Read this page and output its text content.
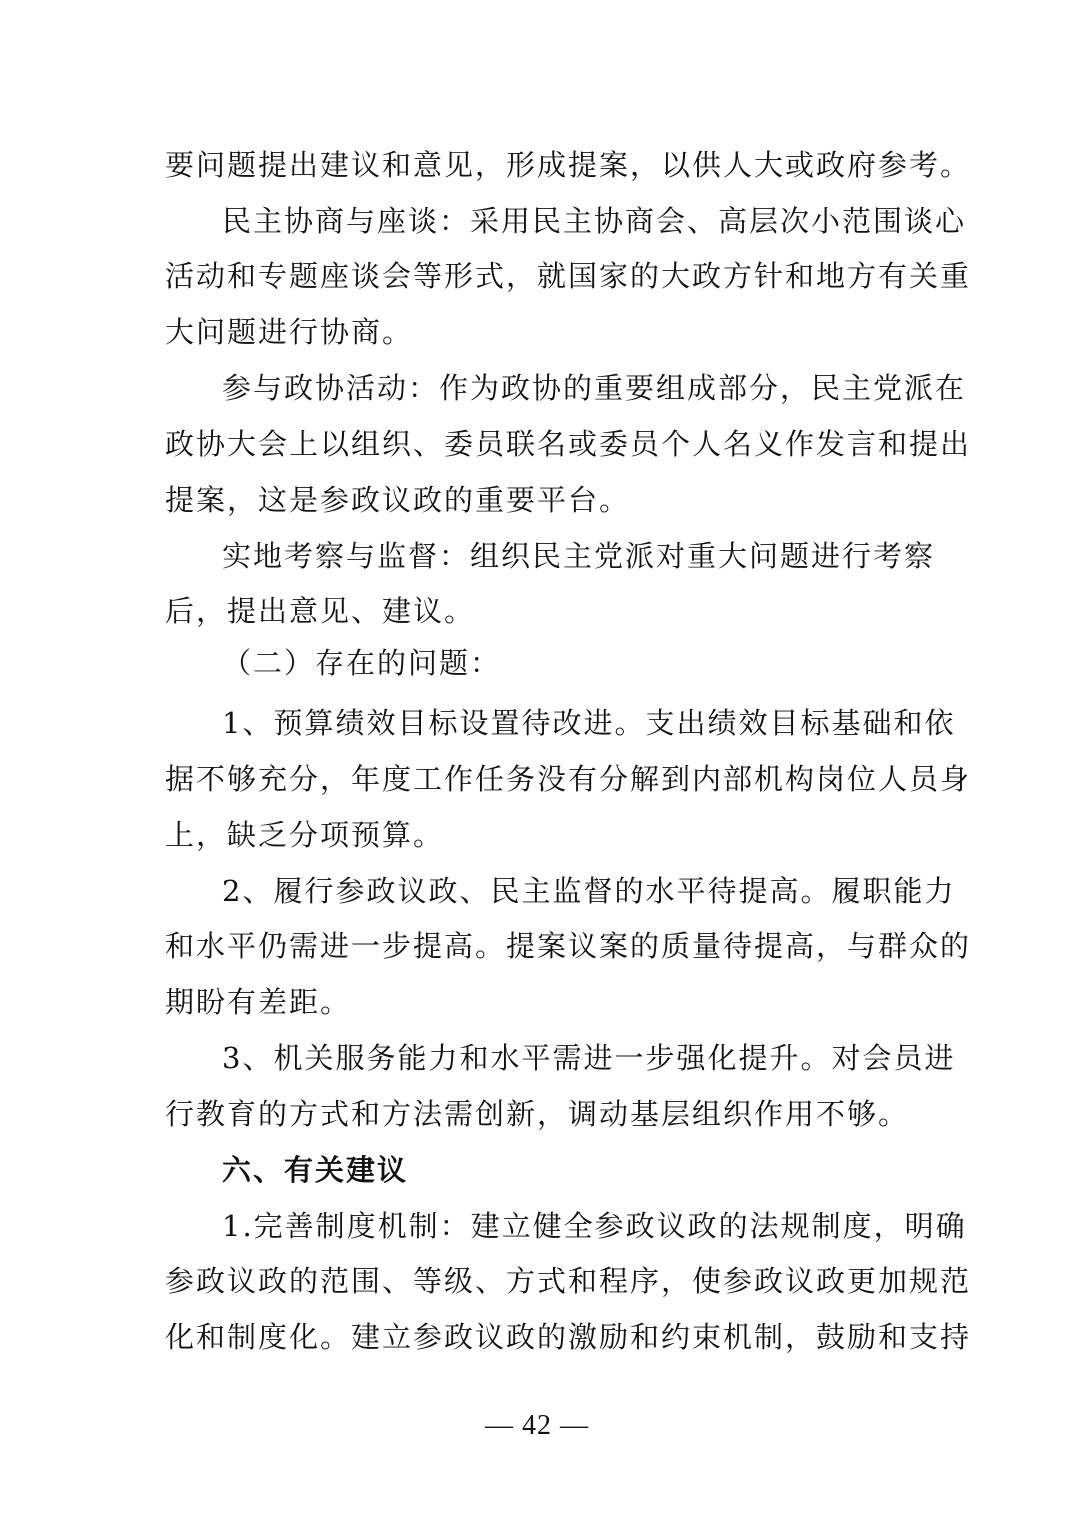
要问题提出建议和意见，形成提案，以供人大或政府参考。
民主协商与座谈：采用民主协商会、高层次小范围谈心
活动和专题座谈会等形式，就国家的大政方针和地方有关重
大问题进行协商。
参与政协活动：作为政协的重要组成部分，民主党派在
政协大会上以组织、委员联名或委员个人名义作发言和提出
提案，这是参政议政的重要平台。
实地考察与监督：组织民主党派对重大问题进行考察
后，提出意见、建议。
（二）存在的问题：
1、预算绩效目标设置待改进。支出绩效目标基础和依
据不够充分，年度工作任务没有分解到内部机构岗位人员身
上，缺乏分项预算。
2、履行参政议政、民主监督的水平待提高。履职能力
和水平仍需进一步提高。提案议案的质量待提高，与群众的
期盼有差距。
3、机关服务能力和水平需进一步强化提升。对会员进
行教育的方式和方法需创新，调动基层组织作用不够。
六、有关建议
1.完善制度机制：建立健全参政议政的法规制度，明确
参政议政的范围、等级、方式和程序，使参政议政更加规范
化和制度化。建立参政议政的激励和约束机制，鼓励和支持
— 42 —
